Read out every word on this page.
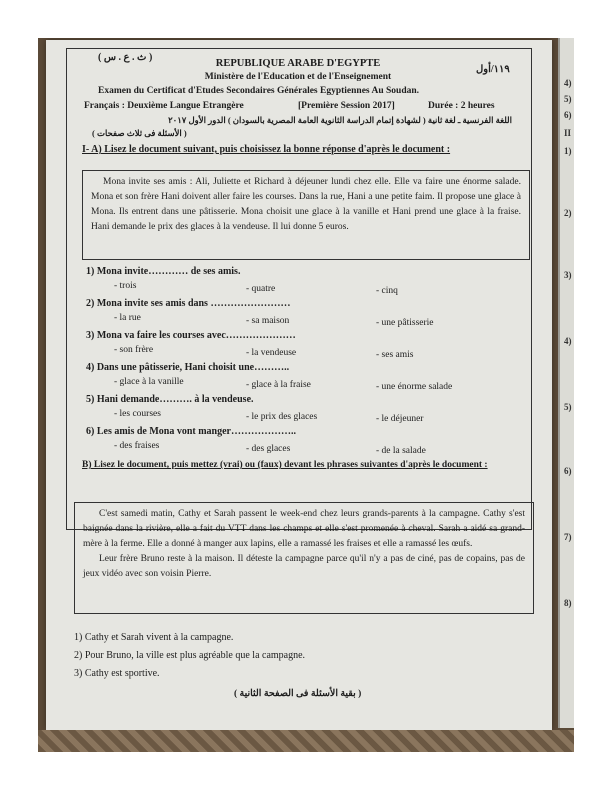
( ث . ع . س )
١١٩/أول
REPUBLIQUE ARABE D'EGYPTE
Ministère de l'Education et de l'Enseignement
Examen du Certificat d'Etudes Secondaires Générales Egyptiennes Au Soudan.
Français : Deuxième Langue Etrangère	[Première Session 2017]	Durée : 2 heures
اللغة الفرنسية ـ لغة ثانية ( لشهادة إتمام الدراسة الثانوية العامة المصرية بالسودان ) الدور الأول ٢٠١٧
( الأسئلة فى ثلاث صفحات )
I- A) Lisez le document suivant, puis choisissez la bonne réponse d'après le document :
Mona invite ses amis : Ali, Juliette et Richard à déjeuner lundi chez elle. Elle va faire une énorme salade. Mona et son frère Hani doivent aller faire les courses. Dans la rue, Hani a une petite faim. Il propose une glace à Mona. Ils entrent dans une pâtisserie. Mona choisit une glace à la vanille et Hani prend une glace à la fraise. Hani demande le prix des glaces à la vendeuse. Il lui donne 5 euros.
1) Mona invite………… de ses amis.
- trois	- quatre	- cinq
2) Mona invite ses amis dans ……………………
- la rue	- sa maison	- une pâtisserie
3) Mona va faire les courses avec…………………
- son frère	- la vendeuse	- ses amis
4) Dans une pâtisserie, Hani choisit une………..
- glace à la vanille	- glace à la fraise	- une énorme salade
5) Hani demande………. à la vendeuse.
- les courses	- le prix des glaces	- le déjeuner
6) Les amis de Mona vont manger………………..
- des fraises	- des glaces	- de la salade
B) Lisez le document, puis mettez (vrai) ou (faux) devant les phrases suivantes d'après le document :
C'est samedi matin, Cathy et Sarah passent le week-end chez leurs grands-parents à la campagne. Cathy s'est baignée dans la rivière, elle a fait du VTT dans les champs et elle s'est promenée à cheval. Sarah a aidé sa grand-mère à la ferme. Elle a donné à manger aux lapins, elle a ramassé les fraises et elle a ramassé les œufs.
Leur frère Bruno reste à la maison. Il déteste la campagne parce qu'il n'y a pas de ciné, pas de copains, pas de jeux vidéo avec son voisin Pierre.
1) Cathy et Sarah vivent à la campagne.
2) Pour Bruno, la ville est plus agréable que la campagne.
3) Cathy est sportive.
( بقية الأسئلة فى الصفحة الثانية )
4)
5)
6)
II
1)
2)
3)
4)
5)
6)
7)
8)
